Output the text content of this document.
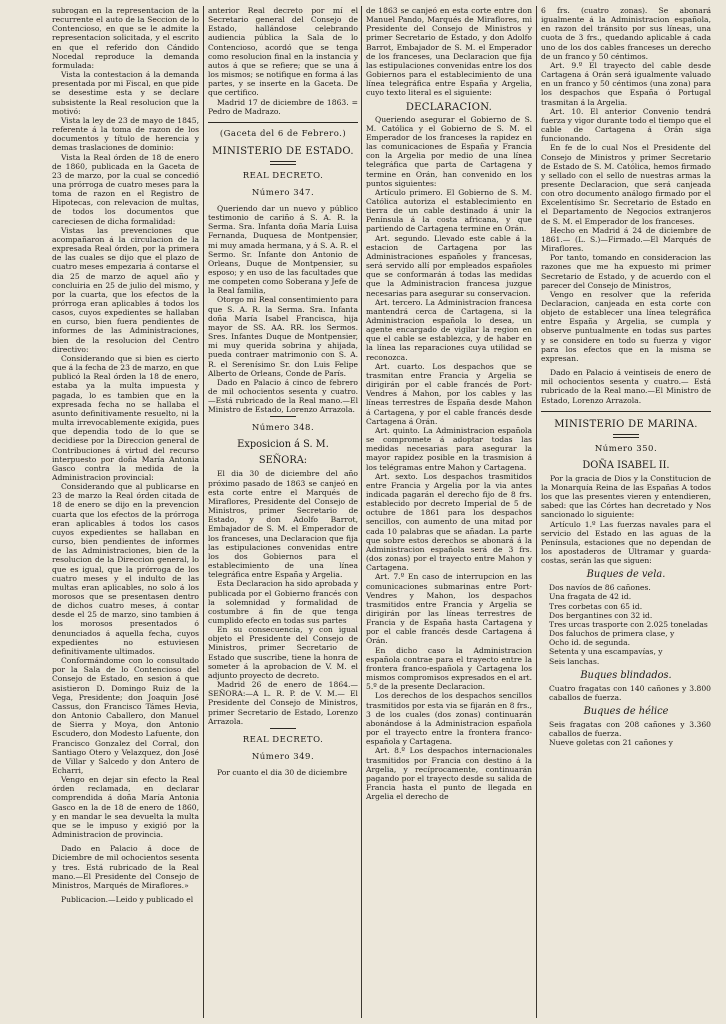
subrogan en la representacion de la recurrente el auto de la Seccion de lo Contencioso, en que se le admite la representacion solicitada, y el escrito en que el referido don Cándido Nocedal reproduce la demanda formulada:

Vista la contestacion á la demanda presentada por mi Fiscal, en que pide se desestime esta y se declare subsistente la Real resolucion que la motivó:

Vista la ley de 23 de mayo de 1845, referente á la toma de razon de los documentos y título de herencia y demas traslaciones de dominio:

Vista la Real órden de 18 de enero de 1860, publicada en la Gaceta de 23 de marzo, por la cual se concedió una prórroga de cuatro meses para la toma de razon en el Registro de Hipotecas, con relevacion de multas, de todos los documentos que careciesen de dicha formalidad:

Vistas las prevenciones que acompañaron á la circulacion de la expresada Real órden, por la primera de las cuales se dijo que el plazo de cuatro meses empezaria á contarse el dia 25 de marzo de aquel año y concluiria en 25 de julio del mismo, y por la cuarta, que los efectos de la prórroga eran aplicables á todos los casos, cuyos expedientes se hallaban en curso, bien fuera pendientes de informes de las Administraciones, bien de la resolucion del Centro directivo:

Considerando que si bien es cierto que á la fecha de 23 de marzo, en que publicó la Real órden la 18 de enero, estaba ya la multa impuesta y pagada, lo es tambien que en la expresada fecha no se hallaba el asunto definitivamente resuelto, ni la multa irrevocablemente exigida, pues que dependia todo de lo que se decidiese por la Direccion general de Contribuciones á virtud del recurso interpuesto por doña María Antonia Gasco contra la medida de la Administracion provincial:

Considerando que al publicarse en 23 de marzo la Real órden citada de 18 de enero se dijo en la prevencion cuarta que los efectos de la prórroga eran aplicables á todos los casos cuyos expedientes se hallaban en curso, bien pendientes de informes de las Administraciones, bien de la resolucion de la Direccion general, lo que es igual, que la prórroga de los cuatro meses y el indulto de las multas eran aplicables, no solo á los morosos que se presentasen dentro de dichos cuatro meses, á contar desde el 25 de marzo, sino tambien á los morosos presentados ó denunciados á aquella fecha, cuyos expedientes no estuviesen definitivamente ultimados.

Conformándome con lo consultado por la Sala de lo Contencioso del Consejo de Estado, en sesion á que asistieron D. Domingo Ruiz de la Vega, Presidente; don Joaquin José Cassus, don Francisco Támes Hevia, don Antonio Caballero, don Manuel de Sierra y Moya, don Antonio Escudero, don Modesto Lafuente, don Francisco Gonzalez del Corral, don Santiago Otero y Velazquez, don José de Villar y Salcedo y don Antero de Echarri,

Vengo en dejar sin efecto la Real órden reclamada, en declarar comprendida á doña María Antonia Gasco en la de 18 de enero de 1860, y en mandar le sea devuelta la multa que se le impuso y exigió por la Administracion de provincia.

Dado en Palacio á doce de Diciembre de mil ochocientos sesenta y tres. Está rubricado de la Real mano.—El Presidente del Consejo de Ministros, Marqués de Miraflores.»

Publicacion.—Leido y publicado el

anterior Real decreto por mí el Secretario general del Consejo de Estado, hallándose celebrando audiencia pública la Sala de lo Contencioso, acordó que se tenga como resolucion final en la instancia y autos á que se refiere; que se una á los mismos; se notifique en forma á las partes, y se inserte en la Gaceta. De que certifico.

Madrid 17 de diciembre de 1863. = Pedro de Madrazo.

(Gaceta del 6 de Febrero.)

MINISTERIO DE ESTADO.

REAL DECRETO.

Número 347.

Queriendo dar un nuevo y público testimonio de cariño á S. A. R. la Serma. Sra. Infanta doña María Luisa Fernanda, Duquesa de Montpensier, mi muy amada hermana, y á S. A. R. el Sermo. Sr. Infante don Antonio de Orleans, Duque de Montpensier, su esposo; y en uso de las facultades que me competen como Soberana y Jefe de la Real familia,

Otorgo mi Real consentimiento para que S. A. R. la Serma. Sra. Infanta doña María Isabel Francisca, hija mayor de SS. AA. RR. los Sermos. Sres. Infantes Duque de Montpensier, mi muy querida sobrina y ahijada, pueda contraer matrimonio con S. A. R. el Serenísimo Sr. don Luis Felipe Alberto de Orleans, Conde de París.

Dado en Palacio á cinco de febrero de mil ochocientos sesenta y cuatro. —Está rubricado de la Real mano.—El Ministro de Estado, Lorenzo Arrazola.

Número 348.

Exposicion á S. M.

SEÑORA:

El dia 30 de diciembre del año próximo pasado de 1863 se canjeó en esta corte entre el Marqués de Miraflores, Presidente del Consejo de Ministros, primer Secretario de Estado, y don Adolfo Barrot, Embajador de S. M. el Emperador de los franceses, una Declaracion que fija las estipulaciones convenidas entre los dos Gobiernos para el establecimiento de una línea telegráfica entre España y Argelia.

Esta Declaracion ha sido aprobada y publicada por el Gobierno francés con la solemnidad y formalidad de costumbre á fin de que tenga cumplido efecto en todas sus partes

En su consecuencia, y con igual objeto el Presidente del Consejo de Ministros, primer Secretario de Estado que suscribe, tiene la honra de someter á la aprobacion de V. M. el adjunto proyecto de decreto.

Madrid 26 de enero de 1864.— SEÑORA:—A L. R. P. de V. M.— El Presidente del Consejo de Ministros, primer Secretario de Estado, Lorenzo Arrazola.

REAL DECRETO.

Número 349.

Por cuanto el dia 30 de diciembre

de 1863 se canjeó en esta corte entre don Manuel Pando, Marqués de Miraflores, mi Presidente del Consejo de Ministros y primer Secretario de Estado, y don Adolfo Barrot, Embajador de S. M. el Emperador de los franceses, una Declaracion que fija las estipulaciones convenidas entre los dos Gobiernos para el establecimiento de una línea telegráfica entre España y Argelia, cuyo texto literal es el siguiente:

DECLARACION.

Queriendo asegurar el Gobierno de S. M. Católica y el Gobierno de S. M. el Emperador de los franceses la rapidez en las comunicaciones de España y Francia con la Argelia por medio de una línea telegráfica que parta de Cartagena y termine en Orán, han convenido en los puntos siguientes:

Artículo primero. El Gobierno de S. M. Católica autoriza el establecimiento en tierra de un cable destinado á unir la Península á la costa africana, y que partiendo de Cartagena termine en Orán.

Art. segundo. Llevado este cable á la estacion de Cartagena por las Administraciones españoles y francesas, será servido allí por empleados españoles que se conformarán á todas las medidas que la Administracion francesa juzgue necesarias para asegurar su conservacion.

Art. tercero. La Administracion francesa mantendrá cerca de Cartagena, si la Administracion española lo desea, un agente encargado de vigilar la region en que el cable se establezca, y de haber en la línea las reparaciones cuya utilidad se reconozca.

Art. cuarto. Los despachos que se trasmitan entre Francia y Argelia se dirigirán por el cable francés de Port-Vendres á Mahon, por los cables y las líneas terrestres de España desde Mahon á Cartagena, y por el cable francés desde Cartagena á Orán.

Art. quinto. La Administracion española se compromete á adoptar todas las medidas necesarias para asegurar la mayor rapidez posible en la trasmision á los telégramas entre Mahon y Cartagena.

Art. sexto. Los despachos trasmitidos entre Francia y Argelia por la via antes indicada pagarán el derecho fijo de 8 frs. establecido por decreto Imperial de 5 de octubre de 1861 para los despachos sencillos, con aumento de una mitad por cada 10 palabras que se añadan. La parte que sobre estos derechos se abonará á la Administracion española será de 3 frs. (dos zonas) por el trayecto entre Mahon y Cartagena.

Art. 7.º En caso de interrupcion en las comunicaciones submarinas entre Port-Vendres y Mahon, los despachos trasmitidos entre Francia y Argelia se dirigirán por las líneas terrestres de Francia y de España hasta Cartagena y por el cable francés desde Cartagena á Orán.

En dicho caso la Administracion española contrae para el trayecto entre la frontera franco-española y Cartagena los mismos compromisos expresados en el art. 5.º de la presente Declaracion.

Los derechos de los despachos sencillos trasmitidos por esta via se fijarán en 8 frs., 3 de los cuales (dos zonas) continuarán abonándose á la Administracion española por el trayecto entre la frontera franco-española y Cartagena.

Art. 8.º Los despachos internacionales trasmitidos por Francia con destino á la Argelia, y recíprocamente, continuarán pagando por el trayecto desde su salida de Francia hasta el punto de llegada en Argelia el derecho de

6 frs. (cuatro zonas). Se abonará igualmente á la Administracion española, en razon del tránsito por sus líneas, una cuota de 3 frs., quedando aplicable á cada uno de los dos cables franceses un derecho de un franco y 50 céntimos.

Art. 9.º El trayecto del cable desde Cartagena á Orán será igualmente valuado en un franco y 50 céntimos (una zona) para los despachos que España ó Portugal trasmitan á la Argelia.

Art. 10. El anterior Convenio tendrá fuerza y vigor durante todo el tiempo que el cable de Cartagena á Orán siga funcionando.

En fe de lo cual Nos el Presidente del Consejo de Ministros y primer Secretario de Estado de S. M. Católica, hemos firmado y sellado con el sello de nuestras armas la presente Declaracion, que será canjeada con otro documento análogo firmado por el Excelentísimo Sr. Secretario de Estado en el Departamento de Negocios extranjeros de S. M. el Emperador de los franceses.

Hecho en Madrid á 24 de diciembre de 1861.— (L. S.)—Firmado.—El Marqués de Miraflores.

Por tanto, tomando en consideracion las razones que me ha expuesto mi primer Secretario de Estado, y de acuerdo con el parecer del Consejo de Ministros,

Vengo en resolver que la referida Declaracion, canjeada en esta corte con objeto de establecer una línea telegráfica entre España y Argelia, se cumpla y observe puntualmente en todas sus partes y se considere en todo su fuerza y vigor para los efectos que en la misma se expresan.

Dado en Palacio á veintiseis de enero de mil ochocientos sesenta y cuatro.— Está rubricado de la Real mano.—El Ministro de Estado, Lorenzo Arrazola.

MINISTERIO DE MARINA.

Número 350.

DOÑA ISABEL II.

Por la gracia de Dios y la Constitucion de la Monarquía Reina de las Españas A todos los que las presentes vieren y entendieren, sabed: que las Córtes han decretado y Nos sancionado lo siguiente:

Artículo 1.º Las fuerzas navales para el servicio del Estado en las aguas de la Península, estaciones que no dependan de los apostaderos de Ultramar y guarda-costas, serán las que siguen:

Buques de vela.

Dos navíos de 86 cañones.

Una fragata de 42 id.

Tres corbetas con 65 id.

Dos bergantines con 32 id.

Tres urcas trasporte con 2.025 toneladas

Dos faluchos de primera clase, y

Ocho id. de segunda.

Setenta y una escampavías, y

Seis lanchas.

Buques blindados.

Cuatro fragatas con 140 cañones y 3.800 caballos de fuerza.

Buques de hélice

Seis fragatas con 208 cañones y 3.360 caballos de fuerza.

Nueve goletas con 21 cañones y
